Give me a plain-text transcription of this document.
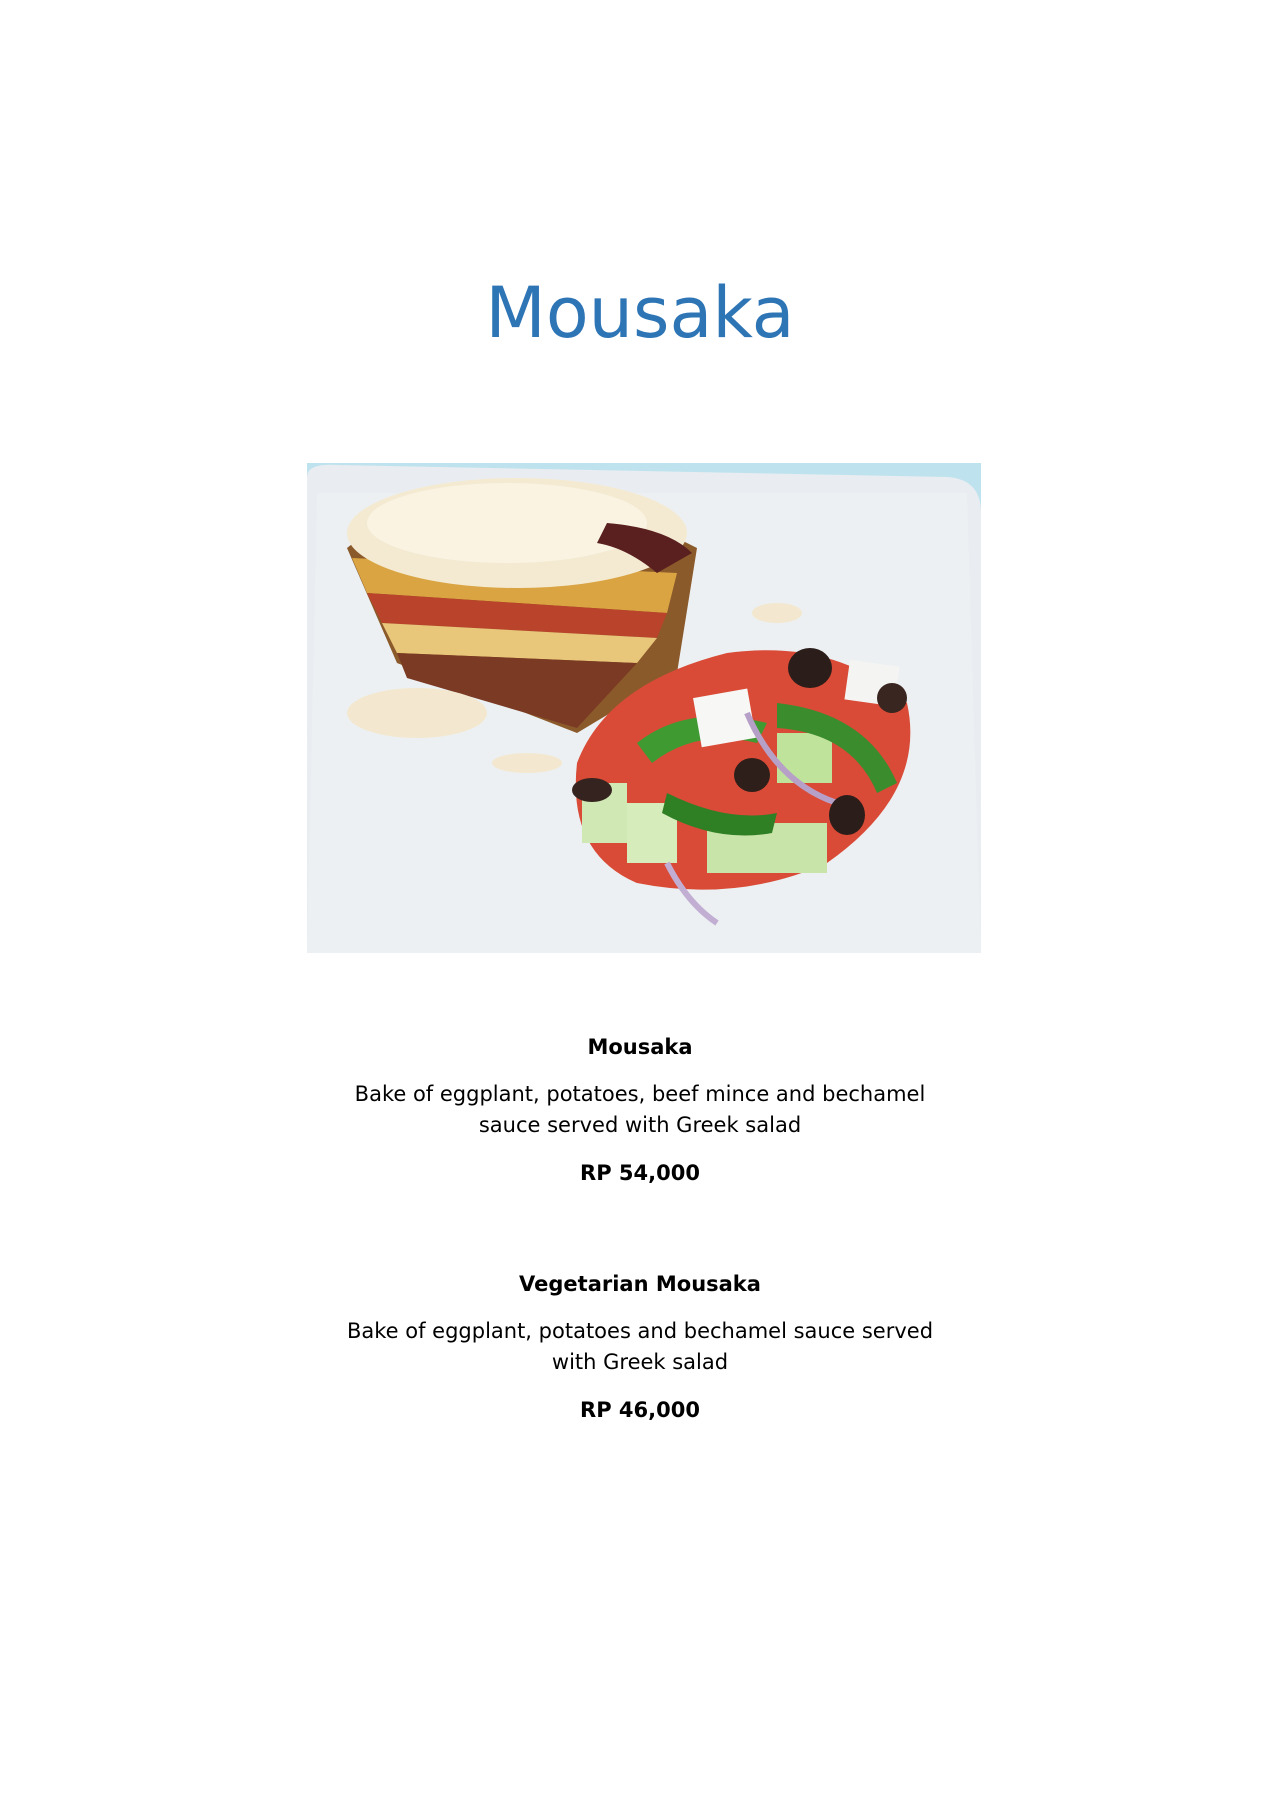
Mousaka
Mousaka
Bake of eggplant, potatoes, beef mince and bechamel sauce served with Greek salad
RP 54,000
Vegetarian Mousaka
Bake of eggplant, potatoes and bechamel sauce served with Greek salad
RP 46,000
